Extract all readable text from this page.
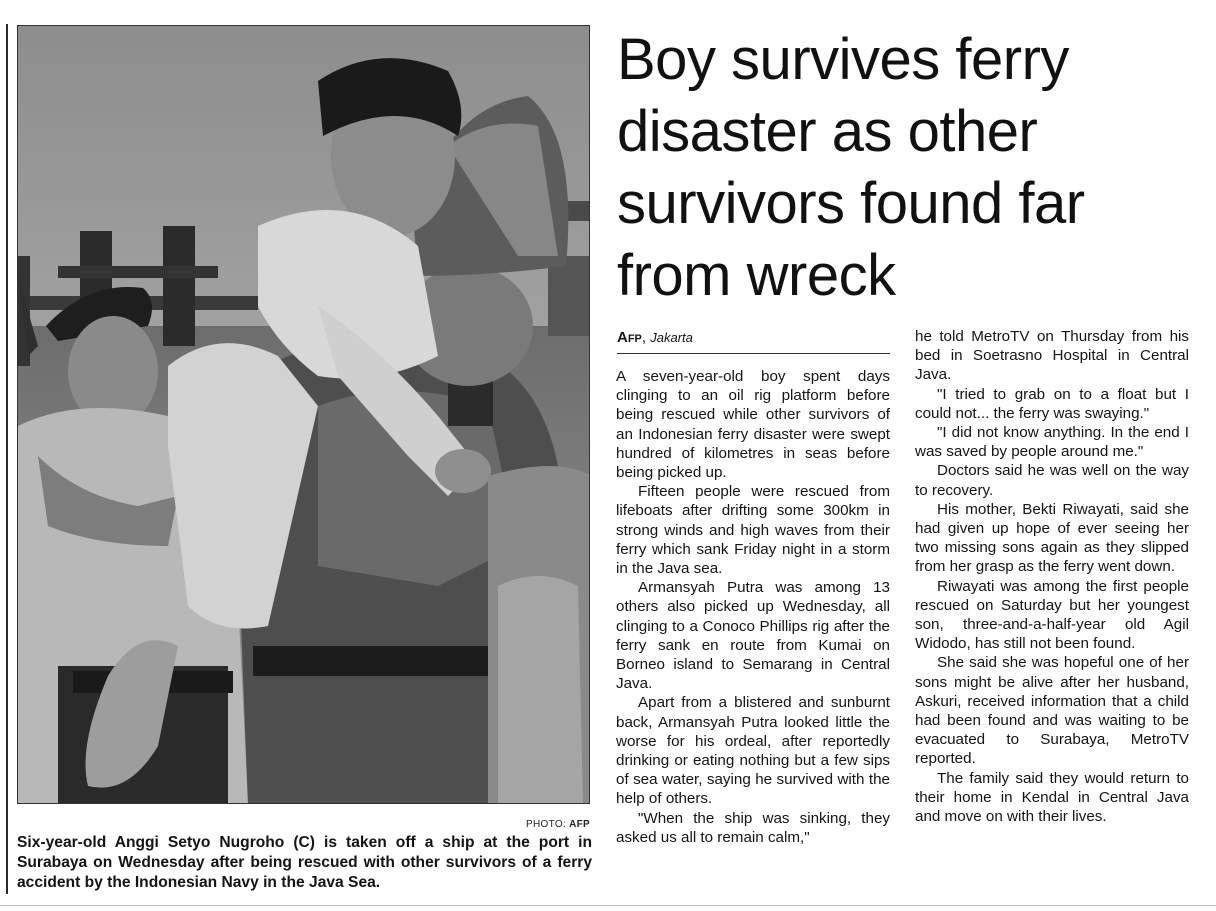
PHOTO: AFP
Six-year-old Anggi Setyo Nugroho (C) is taken off a ship at the port in Surabaya on Wednesday after being rescued with other survivors of a ferry accident by the Indonesian Navy in the Java Sea.
Boy survives ferry disaster as other survivors found far from wreck
Afp, Jakarta

A seven-year-old boy spent days clinging to an oil rig platform before being rescued while other survivors of an Indonesian ferry disaster were swept hundred of kilometres in seas before being picked up.

Fifteen people were rescued from lifeboats after drifting some 300km in strong winds and high waves from their ferry which sank Friday night in a storm in the Java sea.

Armansyah Putra was among 13 others also picked up Wednesday, all clinging to a Conoco Phillips rig after the ferry sank en route from Kumai on Borneo island to Semarang in Central Java.

Apart from a blistered and sunburnt back, Armansyah Putra looked little the worse for his ordeal, after reportedly drinking or eating nothing but a few sips of sea water, saying he survived with the help of others.

"When the ship was sinking, they asked us all to remain calm,"

he told MetroTV on Thursday from his bed in Soetrasno Hospital in Central Java.

"I tried to grab on to a float but I could not... the ferry was swaying."

"I did not know anything. In the end I was saved by people around me."

Doctors said he was well on the way to recovery.

His mother, Bekti Riwayati, said she had given up hope of ever seeing her two missing sons again as they slipped from her grasp as the ferry went down.

Riwayati was among the first people rescued on Saturday but her youngest son, three-and-a-half-year old Agil Widodo, has still not been found.

She said she was hopeful one of her sons might be alive after her husband, Askuri, received information that a child had been found and was waiting to be evacuated to Surabaya, MetroTV reported.

The family said they would return to their home in Kendal in Central Java and move on with their lives.
